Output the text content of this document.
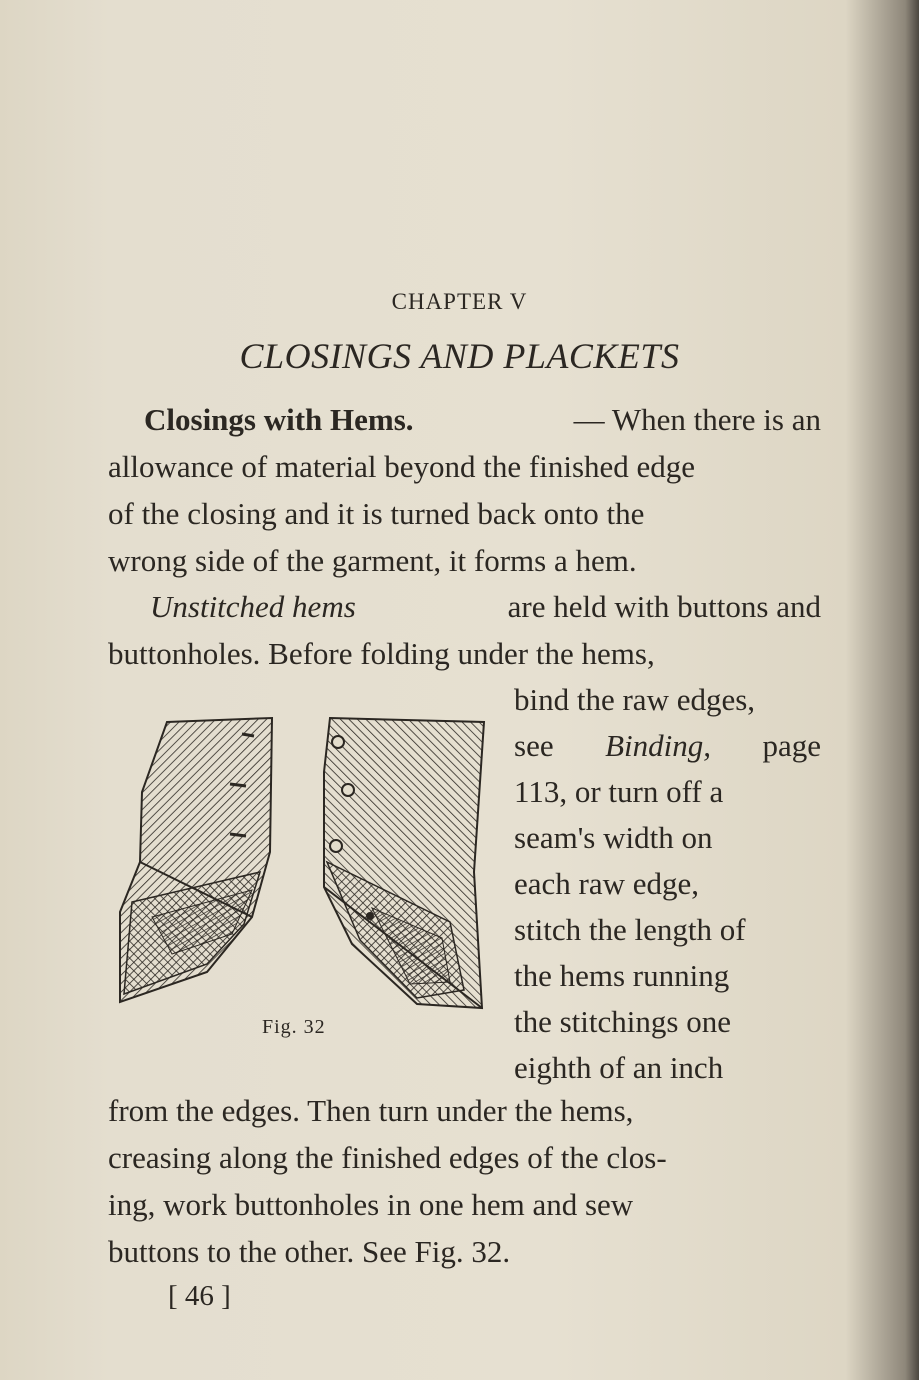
CHAPTER V
CLOSINGS AND PLACKETS
Closings with Hems.	— When there is an
allowance of material beyond the finished edge
of the closing and it is turned back onto the
wrong side of the garment, it forms a hem.
Unstitched hems	are held with buttons and
buttonholes. Before folding under the hems,
bind the raw edges,
see Binding, page
113, or turn off a
seam's width on
each raw edge,
stitch the length of
the hems running
the stitchings one
eighth of an inch
from the edges. Then turn under the hems,
creasing along the finished edges of the clos-
ing, work buttonholes in one hem and sew
buttons to the other. See Fig. 32.
Fig. 32
[ 46 ]
